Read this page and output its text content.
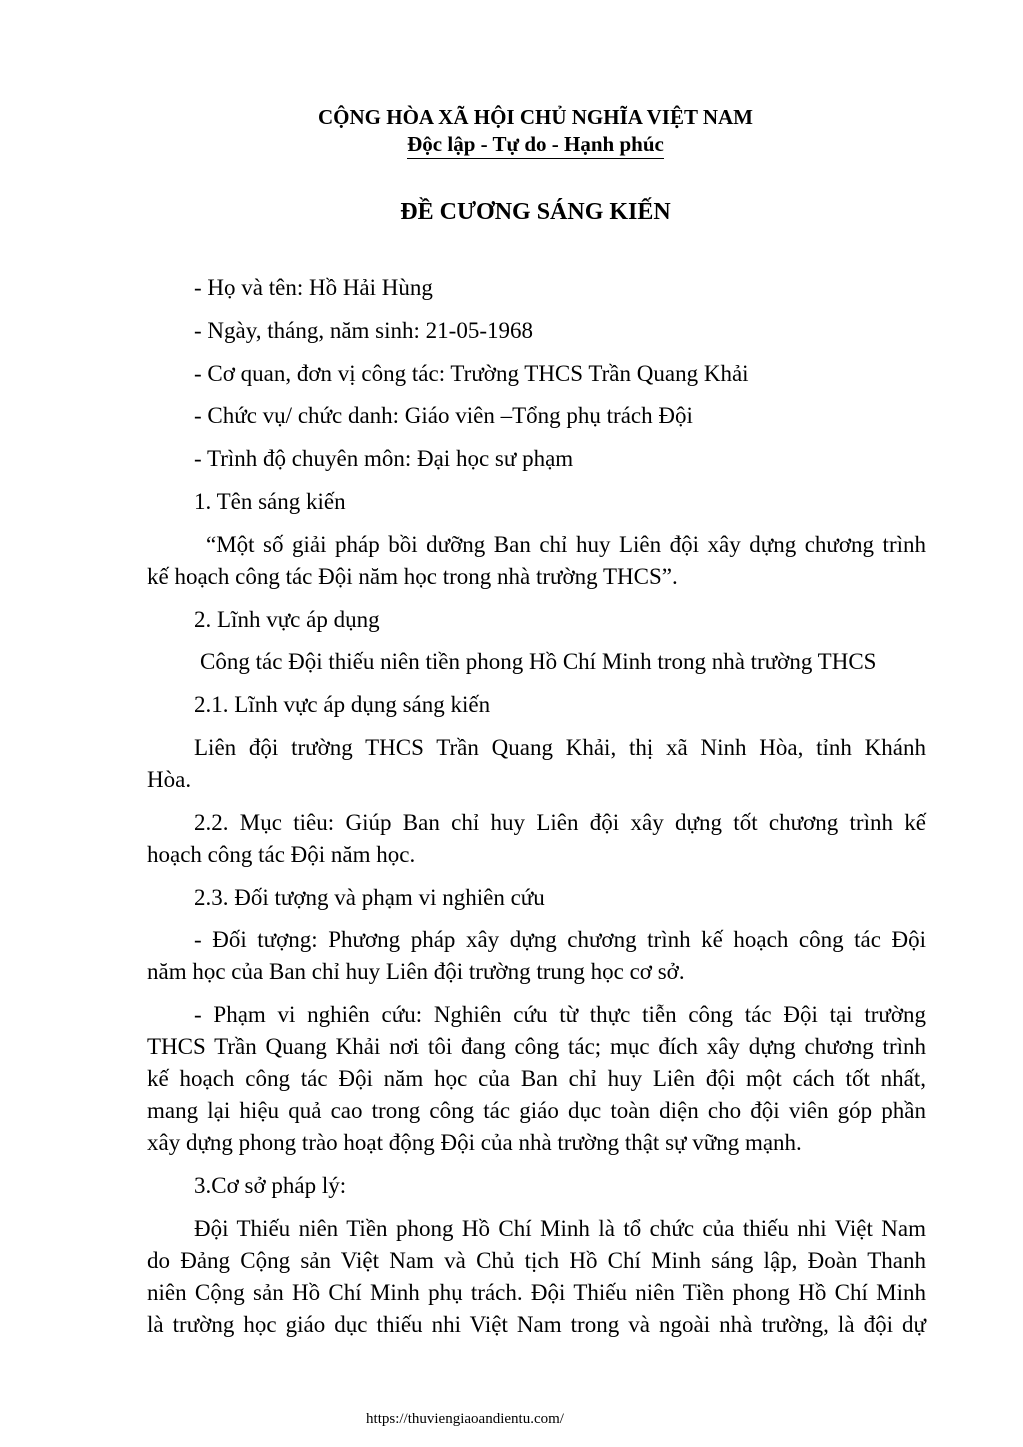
CỘNG HÒA XÃ HỘI CHỦ NGHĨA VIỆT NAM
Độc lập - Tự do - Hạnh phúc
ĐỀ CƯƠNG SÁNG KIẾN

- Họ và tên: Hồ Hải Hùng

- Ngày, tháng, năm sinh: 21-05-1968

- Cơ quan, đơn vị công tác: Trường THCS Trần Quang Khải

- Chức vụ/ chức danh: Giáo viên –Tổng phụ trách Đội

- Trình độ chuyên môn: Đại học sư phạm

1. Tên sáng kiến

“Một số giải pháp bồi dưỡng Ban chỉ huy Liên đội xây dựng chương trình

kế hoạch công tác Đội năm học trong nhà trường THCS”.

2. Lĩnh vực áp dụng

Công tác Đội thiếu niên tiền phong Hồ Chí Minh trong nhà trường THCS

2.1. Lĩnh vực áp dụng sáng kiến

Liên đội trường THCS Trần Quang Khải, thị xã Ninh Hòa, tỉnh Khánh

Hòa.

2.2. Mục tiêu: Giúp Ban chỉ huy Liên đội xây dựng tốt chương trình kế

hoạch công tác Đội năm học.

2.3. Đối tượng và phạm vi nghiên cứu

- Đối tượng: Phương pháp xây dựng chương trình kế hoạch công tác Đội

năm học của Ban chỉ huy Liên đội trường trung học cơ sở.

- Phạm vi nghiên cứu: Nghiên cứu từ thực tiễn công tác Đội tại trường

THCS Trần Quang Khải nơi tôi đang công tác; mục đích xây dựng chương trình

kế hoạch công tác Đội năm học của Ban chỉ huy Liên đội một cách tốt nhất,

mang lại hiệu quả cao trong công tác giáo dục toàn diện cho đội viên góp phần

xây dựng phong trào hoạt động Đội của nhà trường thật sự vững mạnh.

3.Cơ sở pháp lý:

Đội Thiếu niên Tiền phong Hồ Chí Minh là tổ chức của thiếu nhi Việt Nam

do Đảng Cộng sản Việt Nam và Chủ tịch Hồ Chí Minh sáng lập, Đoàn Thanh

niên Cộng sản Hồ Chí Minh phụ trách. Đội Thiếu niên Tiền phong Hồ Chí Minh

là trường học giáo dục thiếu nhi Việt Nam trong và ngoài nhà trường, là đội dự

https://thuviengiaoandientu.com/
